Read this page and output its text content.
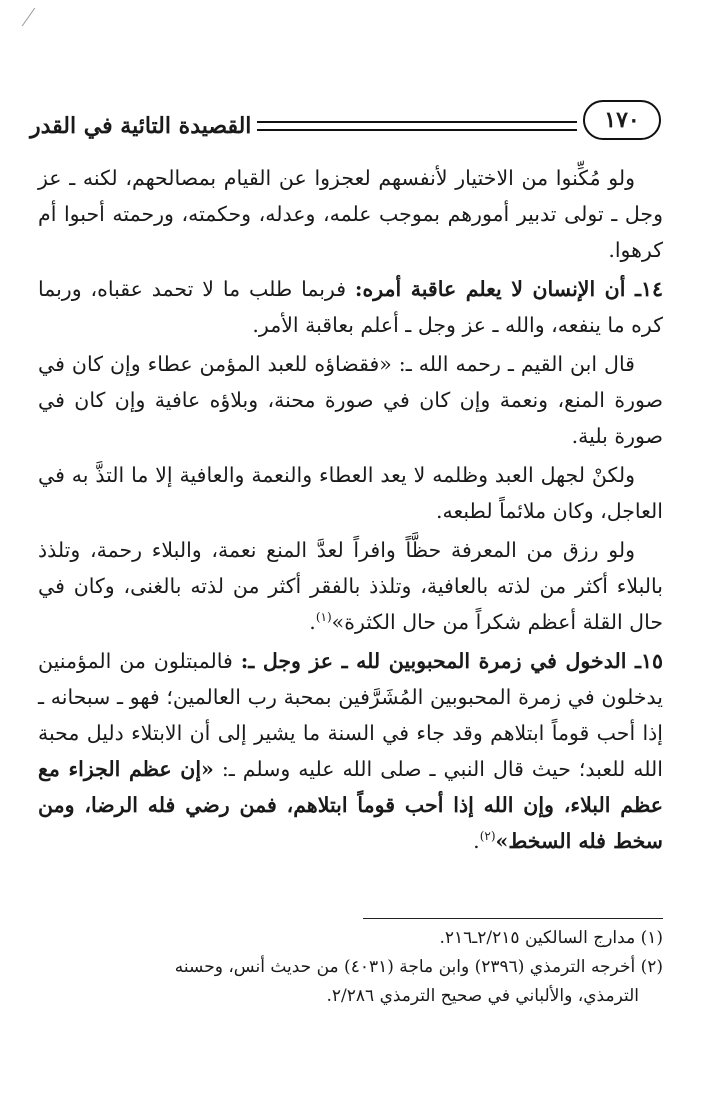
١٧٠
القصيدة التائية في القدر

ولو مُكِّنوا من الاختيار لأنفسهم لعجزوا عن القيام بمصالحهم، لكنه ـ عز وجل ـ تولى تدبير أمورهم بموجب علمه، وعدله، وحكمته، ورحمته أحبوا أم كرهوا.

١٤ـ أن الإنسان لا يعلم عاقبة أمره: فربما طلب ما لا تحمد عقباه، وربما كره ما ينفعه، والله ـ عز وجل ـ أعلم بعاقبة الأمر.

قال ابن القيم ـ رحمه الله ـ: «فقضاؤه للعبد المؤمن عطاء وإن كان في صورة المنع، ونعمة وإن كان في صورة محنة، وبلاؤه عافية وإن كان في صورة بلية.

ولكنْ لجهل العبد وظلمه لا يعد العطاء والنعمة والعافية إلا ما التذَّ به في العاجل، وكان ملائماً لطبعه.

ولو رزق من المعرفة حظَّاً وافراً لعدَّ المنع نعمة، والبلاء رحمة، وتلذذ بالبلاء أكثر من لذته بالعافية، وتلذذ بالفقر أكثر من لذته بالغنى، وكان في حال القلة أعظم شكراً من حال الكثرة»$^{(١)}$.

١٥ـ الدخول في زمرة المحبوبين لله ـ عز وجل ـ: فالمبتلون من المؤمنين يدخلون في زمرة المحبوبين المُشَرَّفين بمحبة رب العالمين؛ فهو ـ سبحانه ـ إذا أحب قوماً ابتلاهم وقد جاء في السنة ما يشير إلى أن الابتلاء دليل محبة الله للعبد؛ حيث قال النبي ـ صلى الله عليه وسلم ـ: «إن عظم الجزاء مع عظم البلاء، وإن الله إذا أحب قوماً ابتلاهم، فمن رضي فله الرضا، ومن سخط فله السخط»$^{(٢)}$.

(١) مدارج السالكين ٢/٢١٥ـ٢١٦.

(٢) أخرجه الترمذي (٢٣٩٦) وابن ماجة (٤٠٣١) من حديث أنس، وحسنه

الترمذي، والألباني في صحيح الترمذي ٢/٢٨٦.
